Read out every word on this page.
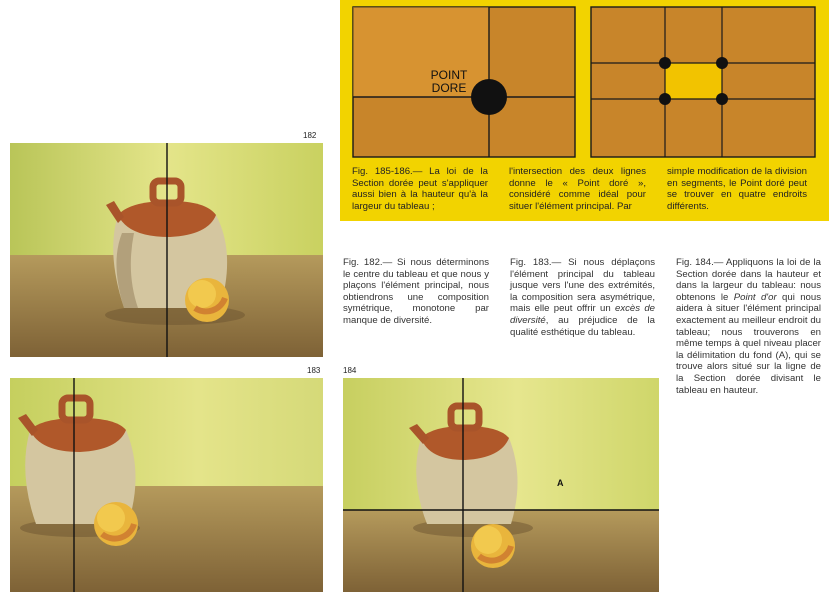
182
183	184
A
POINT
DORE
Fig. 185-186.— La loi de la Section dorée peut s'appliquer aussi bien à la hauteur qu'à la largeur du tableau ;
l'intersection des deux lignes donne le « Point doré », considéré comme idéal pour situer l'élément principal. Par
simple modification de la division en segments, le Point doré peut se trouver en quatre endroits différents.
Fig. 182.— Si nous déterminons le centre du tableau et que nous y plaçons l'élément principal, nous obtiendrons une composition symétrique, monotone par manque de diversité.
Fig. 183.— Si nous déplaçons l'élément principal du tableau jusque vers l'une des extrémités, la composition sera asymétrique, mais elle peut offrir un excès de diversité, au préjudice de la qualité esthétique du tableau.
Fig. 184.— Appliquons la loi de la Section dorée dans la hauteur et dans la largeur du tableau: nous obtenons le Point d'or qui nous aidera à situer l'élément principal exactement au meilleur endroit du tableau; nous trouverons en même temps à quel niveau placer la délimitation du fond (A), qui se trouve alors situé sur la ligne de la Section dorée divisant le tableau en hauteur.
